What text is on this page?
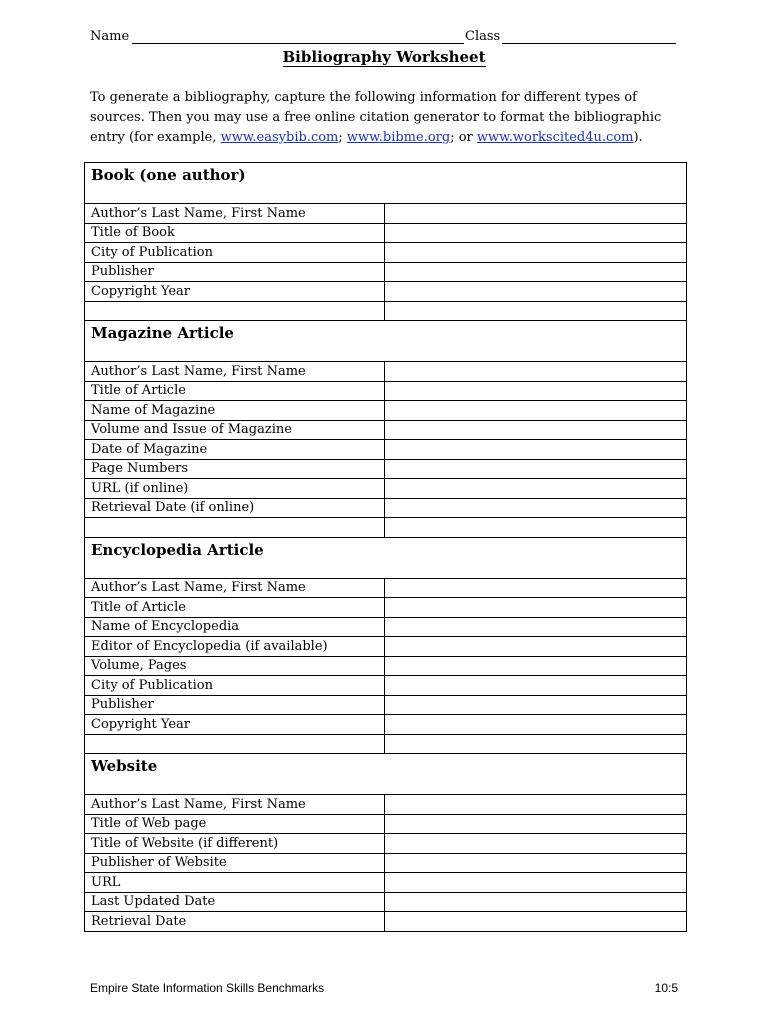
Name	Class
Bibliography Worksheet
To generate a bibliography, capture the following information for different types of sources. Then you may use a free online citation generator to format the bibliographic entry (for example, www.easybib.com; www.bibme.org; or www.workscited4u.com).
Book (one author)	
Author’s Last Name, First Name	
Title of Book	
City of Publication	
Publisher	
Copyright Year	

Magazine Article	
Author’s Last Name, First Name	
Title of Article	
Name of Magazine	
Volume and Issue of Magazine	
Date of Magazine	
Page Numbers	
URL (if online)	
Retrieval Date (if online)	

Encyclopedia Article	
Author’s Last Name, First Name	
Title of Article	
Name of Encyclopedia	
Editor of Encyclopedia (if available)	
Volume, Pages	
City of Publication	
Publisher	
Copyright Year	

Website	
Author’s Last Name, First Name	
Title of Web page	
Title of Website (if different)	
Publisher of Website	
URL	
Last Updated Date	
Retrieval Date	
Empire State Information Skills Benchmarks	10:5
